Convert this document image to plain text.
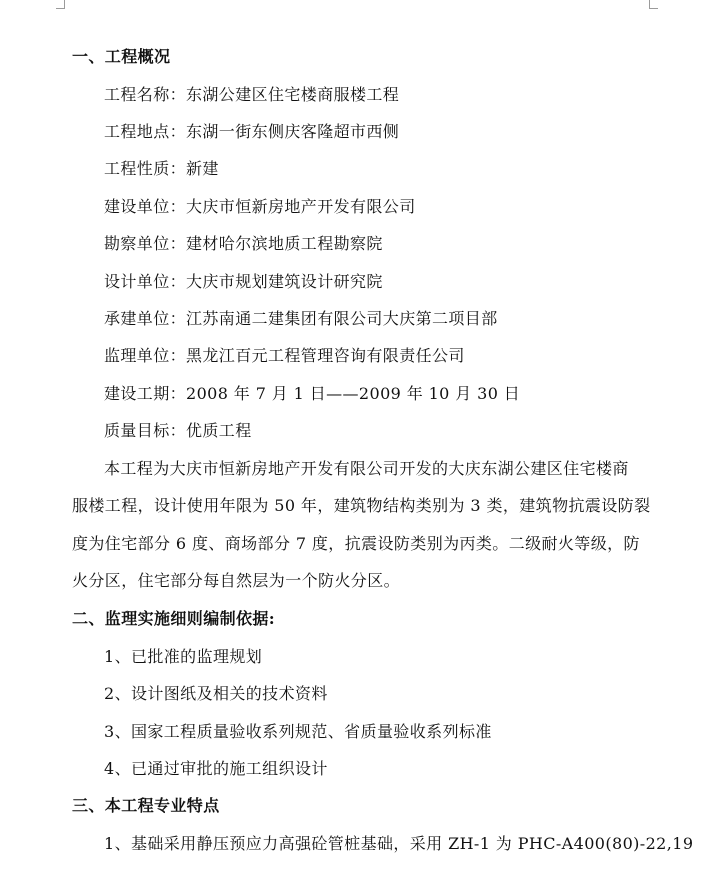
一、工程概况
工程名称：东湖公建区住宅楼商服楼工程
工程地点：东湖一街东侧庆客隆超市西侧
工程性质：新建
建设单位：大庆市恒新房地产开发有限公司
勘察单位：建材哈尔滨地质工程勘察院
设计单位：大庆市规划建筑设计研究院
承建单位：江苏南通二建集团有限公司大庆第二项目部
监理单位：黑龙江百元工程管理咨询有限责任公司
建设工期：2008 年 7 月 1 日——2009 年 10 月 30 日
质量目标：优质工程
本工程为大庆市恒新房地产开发有限公司开发的大庆东湖公建区住宅楼商
服楼工程，设计使用年限为 50 年，建筑物结构类别为 3 类，建筑物抗震设防裂
度为住宅部分 6 度、商场部分 7 度，抗震设防类别为丙类。二级耐火等级，防
火分区，住宅部分每自然层为一个防火分区。
二、监理实施细则编制依据:
1、已批准的监理规划
2、设计图纸及相关的技术资料
3、国家工程质量验收系列规范、省质量验收系列标准
4、已通过审批的施工组织设计
三、本工程专业特点
1、基础采用静压预应力高强砼管桩基础，采用 ZH-1 为 PHC-A400(80)-22,19
